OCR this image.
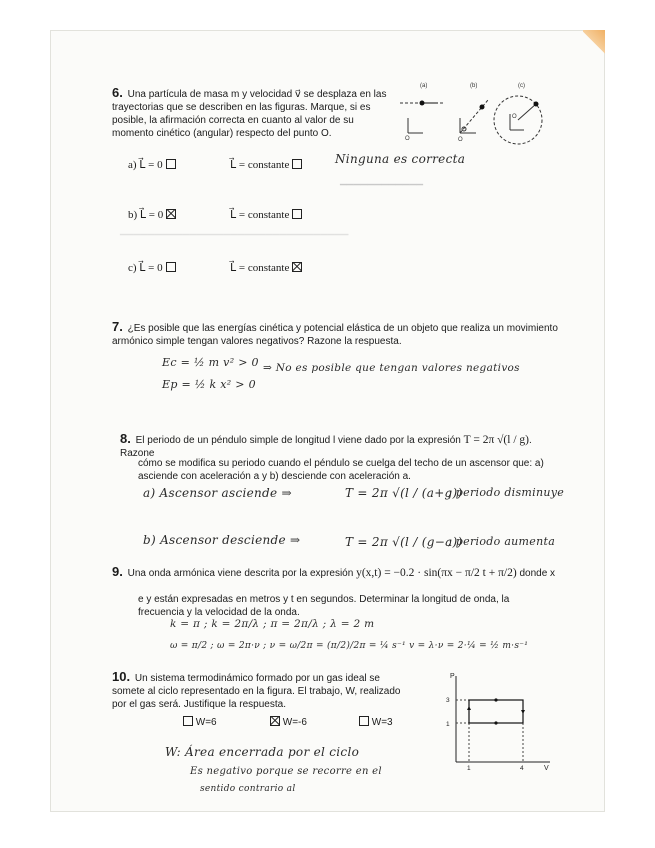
▁▁▁▁▁▁▁▁▁▁▁▁
▁▁▁▁▁▁▁▁▁▁▁▁▁▁▁▁▁▁▁▁▁▁▁▁▁▁▁▁▁▁▁▁▁
6. Una partícula de masa m y velocidad v⃗ se desplaza en las trayectorias que se describen en las figuras. Marque, si es posible, la afirmación correcta en cuanto al valor de su momento cinético (angular) respecto del punto O.
(a)	(b)	(c)
O	O
O
a) L⃗ = 0	L⃗ = constante	Ninguna es correcta
b) L⃗ = 0	L⃗ = constante
c) L⃗ = 0	L⃗ = constante
7. ¿Es posible que las energías cinética y potencial elástica de un objeto que realiza un movimiento armónico simple tengan valores negativos? Razone la respuesta.
Ec = ½ m v² > 0
Ep = ½ k x² > 0
⇒ No es posible que tengan valores negativos
8. El periodo de un péndulo simple de longitud l viene dado por la expresión T = 2π √(l / g). Razone
cómo se modifica su periodo cuando el péndulo se cuelga del techo de un ascensor que: a) asciende con aceleración a y b) desciende con aceleración a.
a) Ascensor asciende ⇒	T = 2π √(l / (a+g))
; periodo disminuye
b) Ascensor desciende ⇒	T = 2π √(l / (g−a))
; periodo aumenta
9. Una onda armónica viene descrita por la expresión y(x,t) = −0.2 · sin(πx − π/2 t + π/2) donde x
e y están expresadas en metros y t en segundos. Determinar la longitud de onda, la frecuencia y la velocidad de la onda.
k = π ; k = 2π/λ ; π = 2π/λ ; λ = 2 m
ω = π/2 ; ω = 2π·ν ; ν = ω/2π = (π/2)/2π = ¼ s⁻¹ v = λ·ν = 2·¼ = ½ m·s⁻¹
10. Un sistema termodinámico formado por un gas ideal se somete al ciclo representado en la figura. El trabajo, W, realizado por el gas será. Justifique la respuesta.
W=6	W=-6	W=3
P
V
3
1
1	4
W: Área encerrada por el ciclo
Es negativo porque se recorre en el
sentido contrario al
